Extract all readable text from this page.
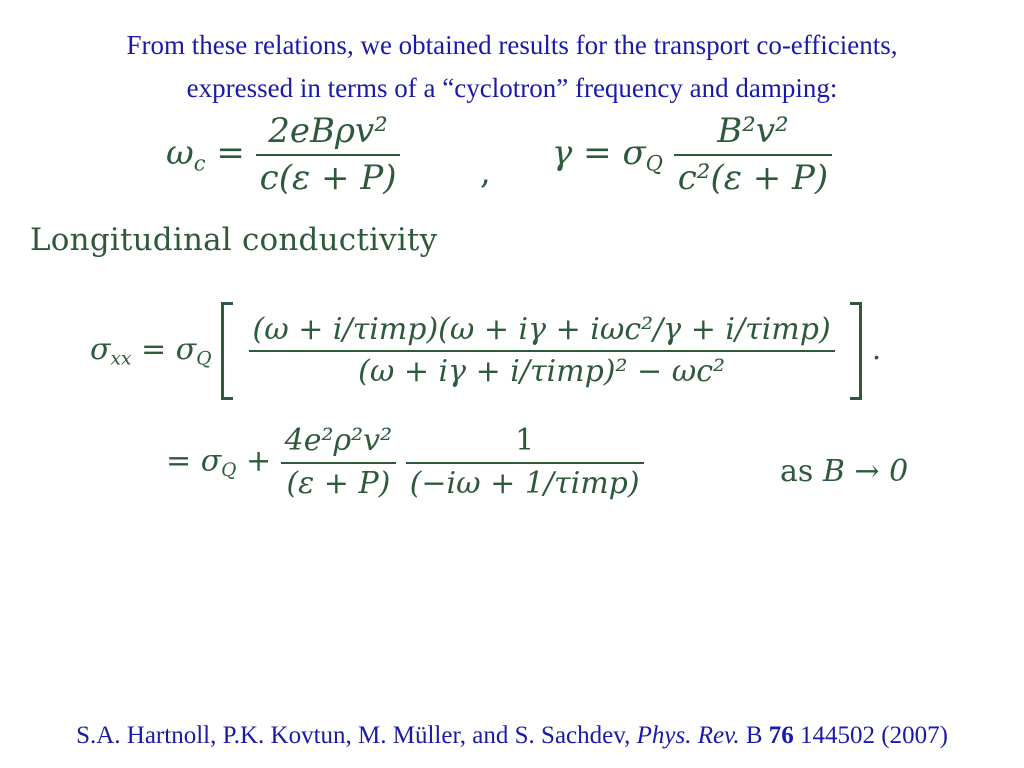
From these relations, we obtained results for the transport co-efficients,
expressed in terms of a “cyclotron” frequency and damping:
$\omega_c = \frac{\text{2eBρv²}}{c(\varepsilon + P)}$ , $\gamma = \sigma_Q \frac{\text{B²v²}}{\text{c²(ε + P)}}$
Longitudinal conductivity
$\sigma_{xx} = \sigma_Q \frac{\text{(ω + i/τimp)(ω + iγ + iωc²/γ + i/τimp)}}{\text{(ω + iγ + i/τimp)² − ωc²}}$ .
= $\sigma_Q + \frac{\text{4e²ρ²v²}}{(\varepsilon + P)}$
$\frac{1}{\text{(−iω + 1/τimp)}}$	as B → 0
S.A. Hartnoll, P.K. Kovtun, M. Müller, and S. Sachdev, Phys. Rev. B 76 144502 (2007)
